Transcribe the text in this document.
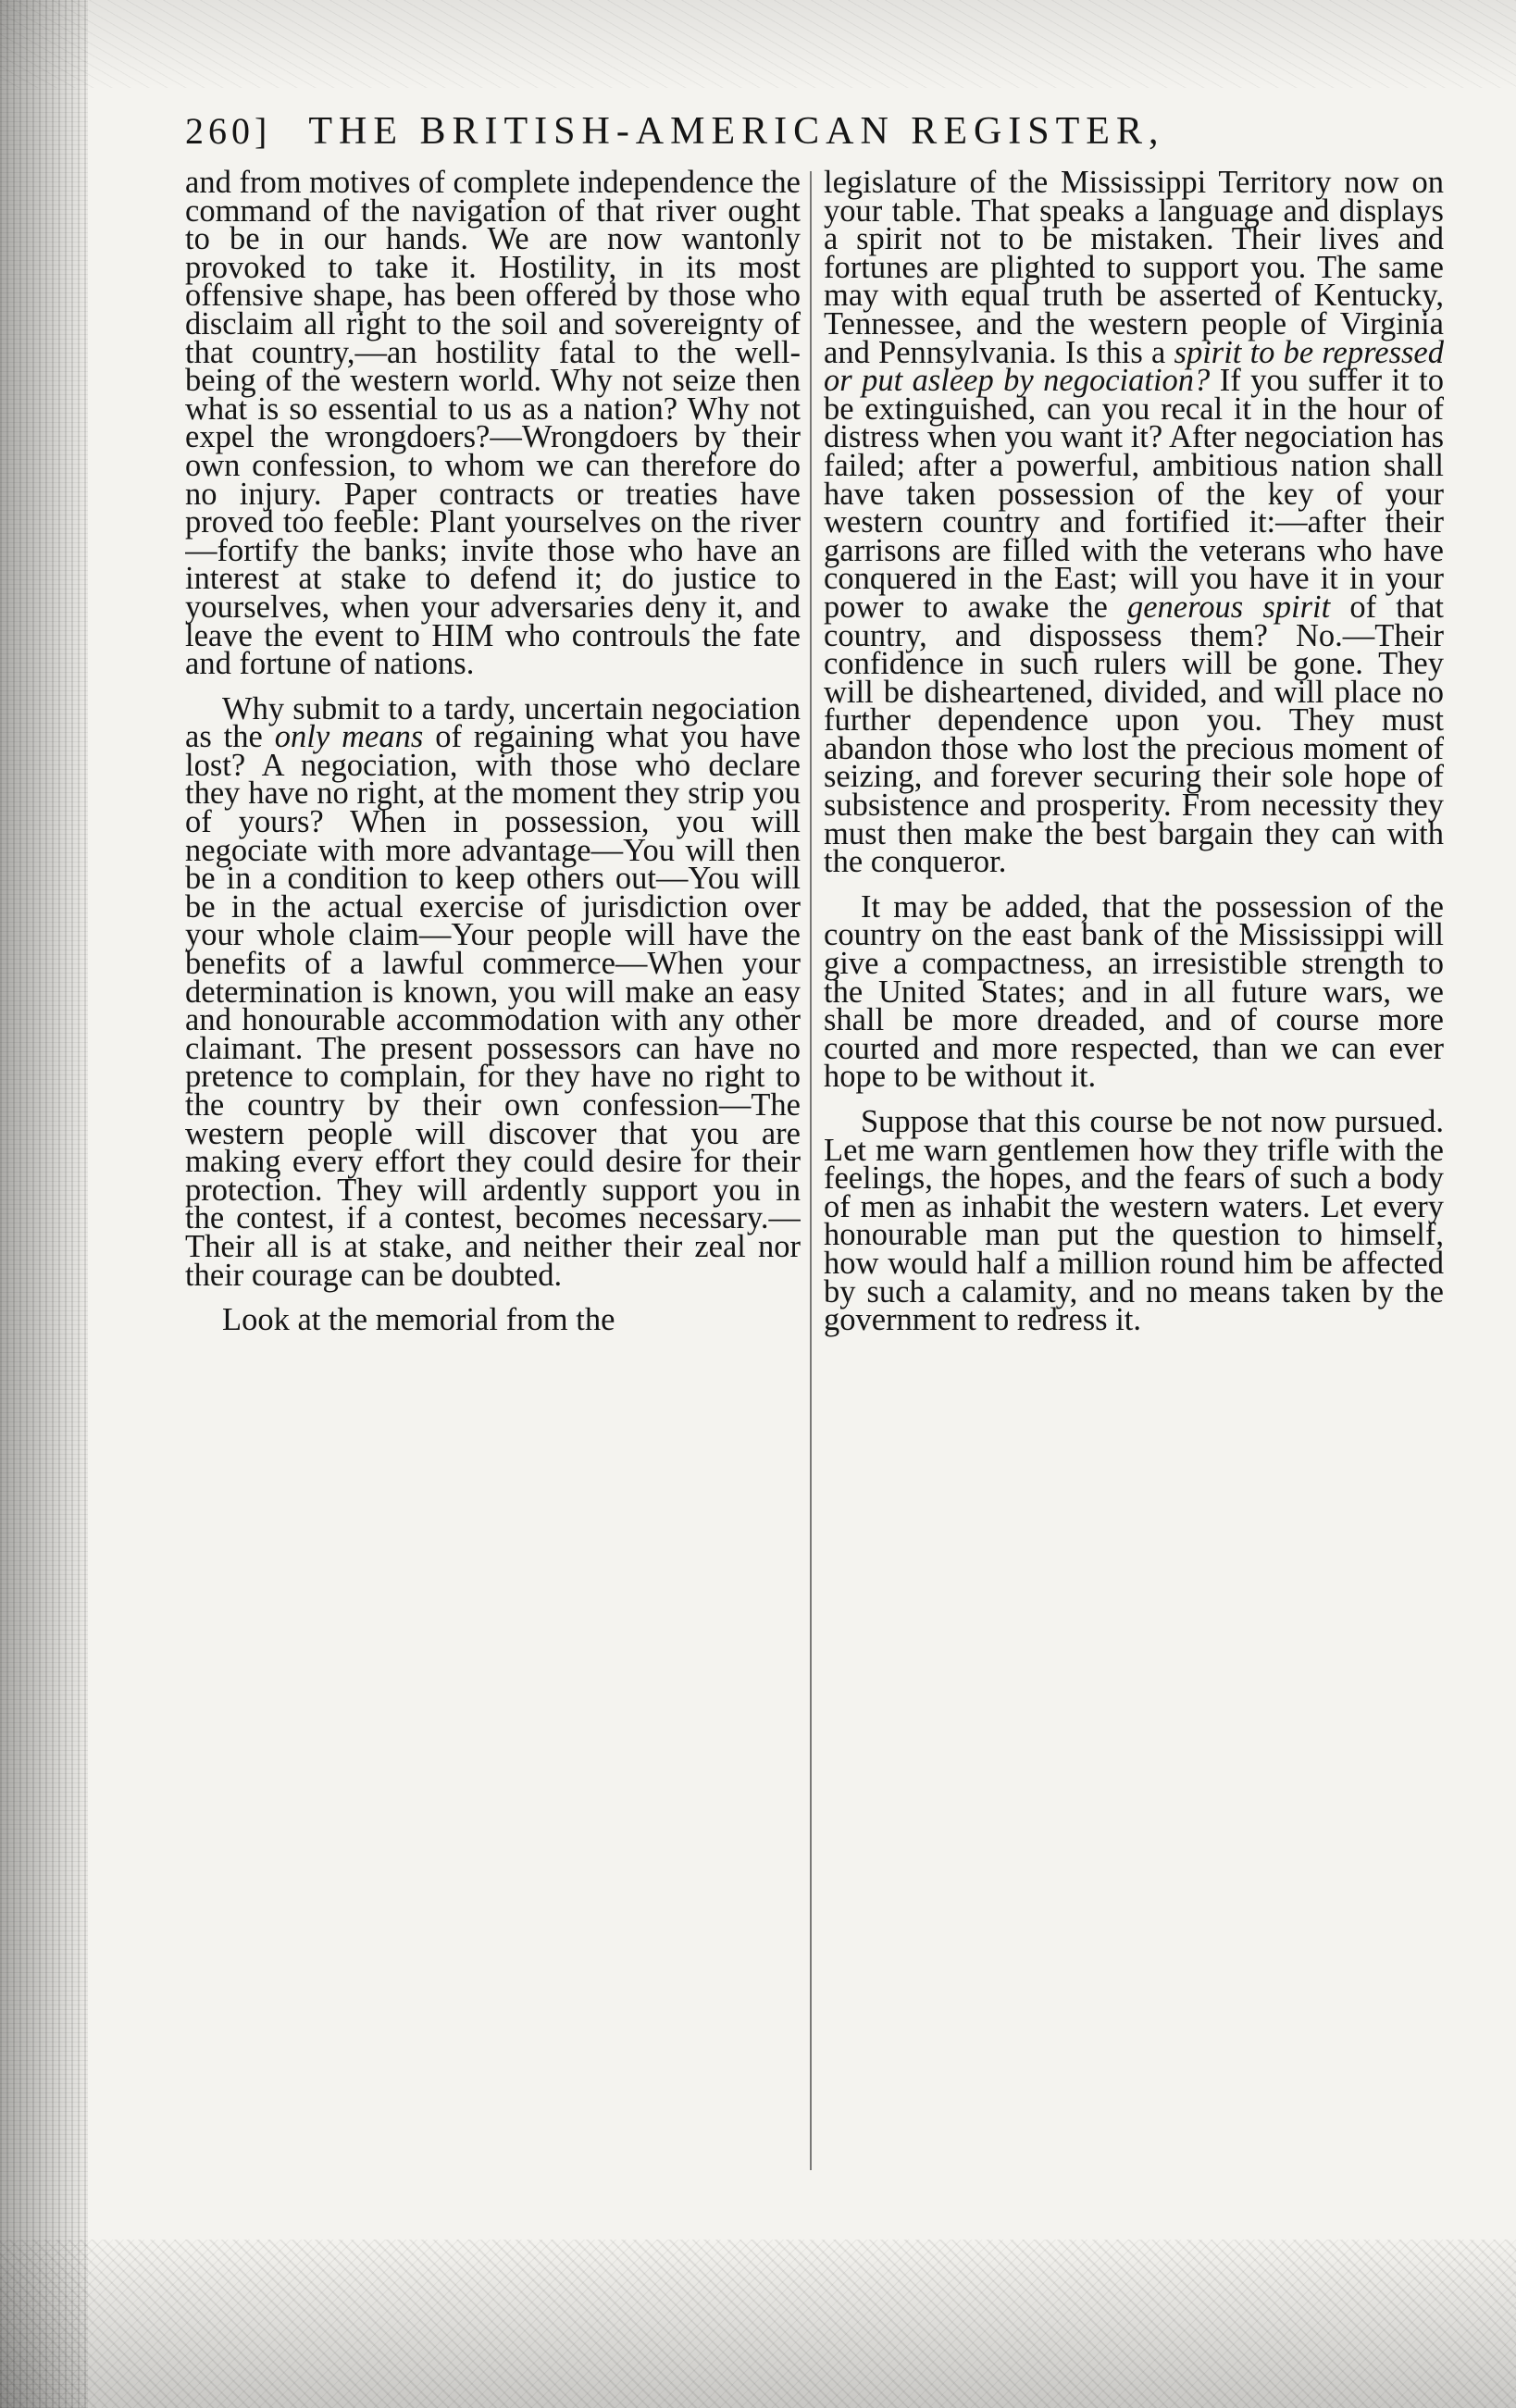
260] THE BRITISH-AMERICAN REGISTER,

and from motives of complete independence the command of the navigation of that river ought to be in our hands. We are now wantonly provoked to take it. Hostility, in its most offensive shape, has been offered by those who disclaim all right to the soil and sovereignty of that country,—an hostility fatal to the well-being of the western world. Why not seize then what is so essential to us as a nation? Why not expel the wrongdoers?—Wrongdoers by their own confession, to whom we can therefore do no injury. Paper contracts or treaties have proved too feeble: Plant yourselves on the river—fortify the banks; invite those who have an interest at stake to defend it; do justice to yourselves, when your adversaries deny it, and leave the event to HIM who controuls the fate and fortune of nations.

Why submit to a tardy, uncertain negociation as the only means of regaining what you have lost? A negociation, with those who declare they have no right, at the moment they strip you of yours? When in possession, you will negociate with more advantage—You will then be in a condition to keep others out—You will be in the actual exercise of jurisdiction over your whole claim—Your people will have the benefits of a lawful commerce—When your determination is known, you will make an easy and honourable accommodation with any other claimant. The present possessors can have no pretence to complain, for they have no right to the country by their own confession—The western people will discover that you are making every effort they could desire for their protection. They will ardently support you in the contest, if a contest, becomes necessary.—Their all is at stake, and neither their zeal nor their courage can be doubted.

Look at the memorial from the

legislature of the Mississippi Territory now on your table. That speaks a language and displays a spirit not to be mistaken. Their lives and fortunes are plighted to support you. The same may with equal truth be asserted of Kentucky, Tennessee, and the western people of Virginia and Pennsylvania. Is this a spirit to be repressed or put asleep by negociation? If you suffer it to be extinguished, can you recal it in the hour of distress when you want it? After negociation has failed; after a powerful, ambitious nation shall have taken possession of the key of your western country and fortified it:—after their garrisons are filled with the veterans who have conquered in the East; will you have it in your power to awake the generous spirit of that country, and dispossess them? No.—Their confidence in such rulers will be gone. They will be disheartened, divided, and will place no further dependence upon you. They must abandon those who lost the precious moment of seizing, and forever securing their sole hope of subsistence and prosperity. From necessity they must then make the best bargain they can with the conqueror.

It may be added, that the possession of the country on the east bank of the Mississippi will give a compactness, an irresistible strength to the United States; and in all future wars, we shall be more dreaded, and of course more courted and more respected, than we can ever hope to be without it.

Suppose that this course be not now pursued. Let me warn gentlemen how they trifle with the feelings, the hopes, and the fears of such a body of men as inhabit the western waters. Let every honourable man put the question to himself, how would half a million round him be affected by such a calamity, and no means taken by the government to redress it.
